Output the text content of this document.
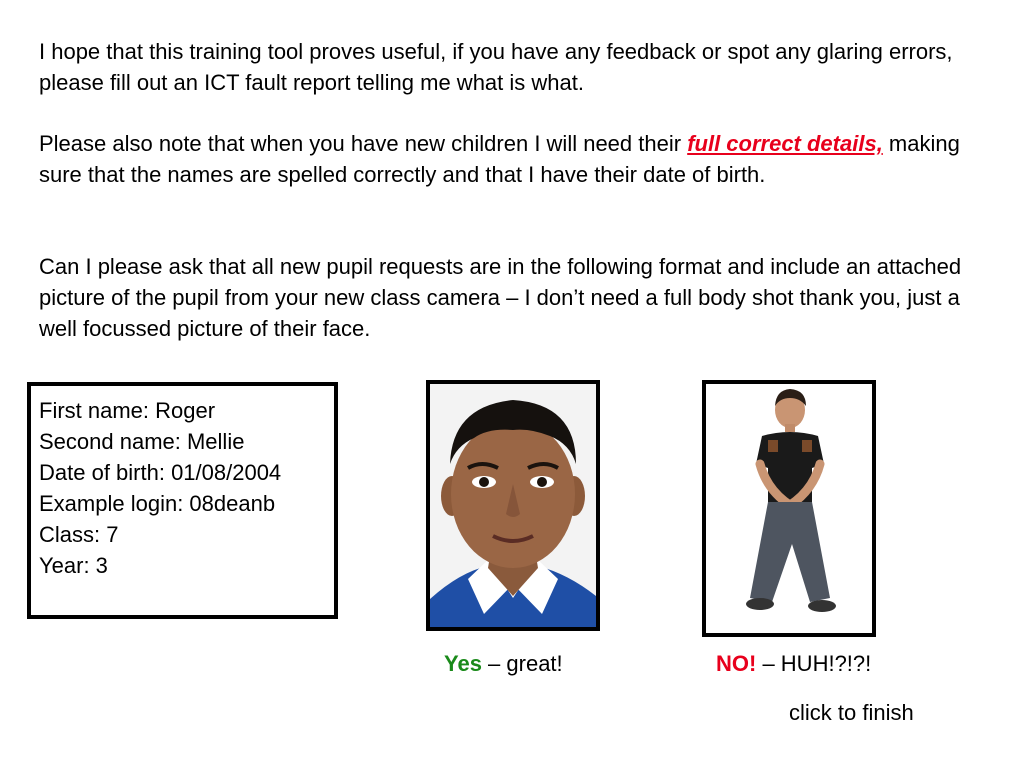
I hope that this training tool proves useful, if you have any feedback or spot any glaring errors, please fill out an ICT fault report telling me what is what.

Please also note that when you have new children I will need their full correct details, making sure that the names are spelled correctly and that I have their date of birth.

Can I please ask that all new pupil requests are in the following format and include an attached picture of the pupil from your new class camera – I don’t need a full body shot thank you, just a well focussed picture of their face.

First name: Roger
Second name: Mellie
Date of birth: 01/08/2004
Example login: 08deanb
Class: 7
Year: 3
Yes – great!	NO! – HUH!?!?!
click to finish
